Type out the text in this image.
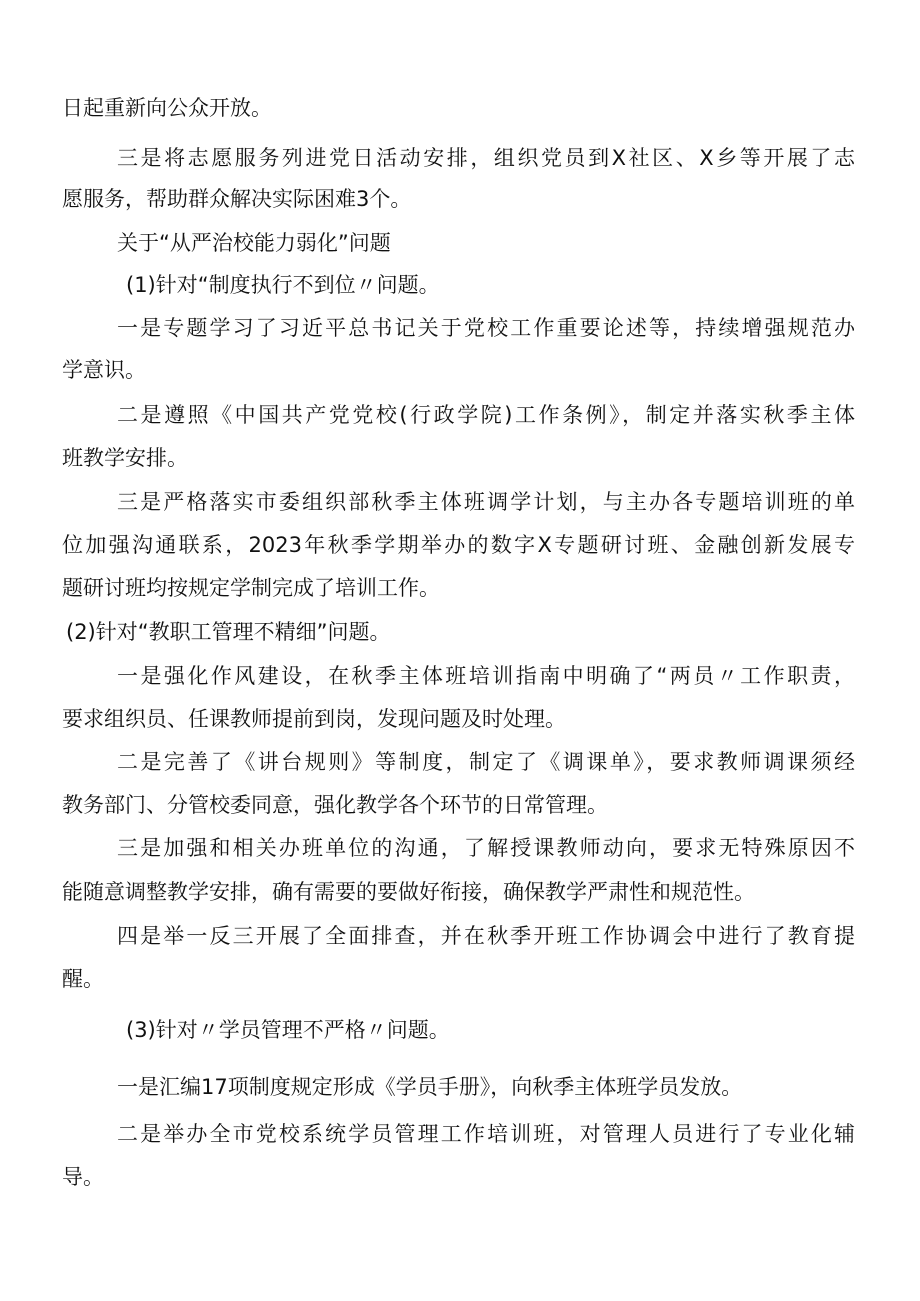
日起重新向公众开放。
三是将志愿服务列进党日活动安排，组织党员到X社区、X乡等开展了志
愿服务，帮助群众解决实际困难3个。
关于“从严治校能力弱化”问题
(1)针对“制度执行不到位〃问题。
一是专题学习了习近平总书记关于党校工作重要论述等，持续增强规范办
学意识。
二是遵照《中国共产党党校(行政学院)工作条例》，制定并落实秋季主体
班教学安排。
三是严格落实市委组织部秋季主体班调学计划，与主办各专题培训班的单
位加强沟通联系，2023年秋季学期举办的数字X专题研讨班、金融创新发展专
题研讨班均按规定学制完成了培训工作。
(2)针对“教职工管理不精细”问题。
一是强化作风建设，在秋季主体班培训指南中明确了“两员〃工作职责，
要求组织员、任课教师提前到岗，发现问题及时处理。
二是完善了《讲台规则》等制度，制定了《调课单》，要求教师调课须经
教务部门、分管校委同意，强化教学各个环节的日常管理。
三是加强和相关办班单位的沟通，了解授课教师动向，要求无特殊原因不
能随意调整教学安排，确有需要的要做好衔接，确保教学严肃性和规范性。
四是举一反三开展了全面排查，并在秋季开班工作协调会中进行了教育提
醒。
(3)针对〃学员管理不严格〃问题。
一是汇编17项制度规定形成《学员手册》，向秋季主体班学员发放。
二是举办全市党校系统学员管理工作培训班，对管理人员进行了专业化辅
导。
